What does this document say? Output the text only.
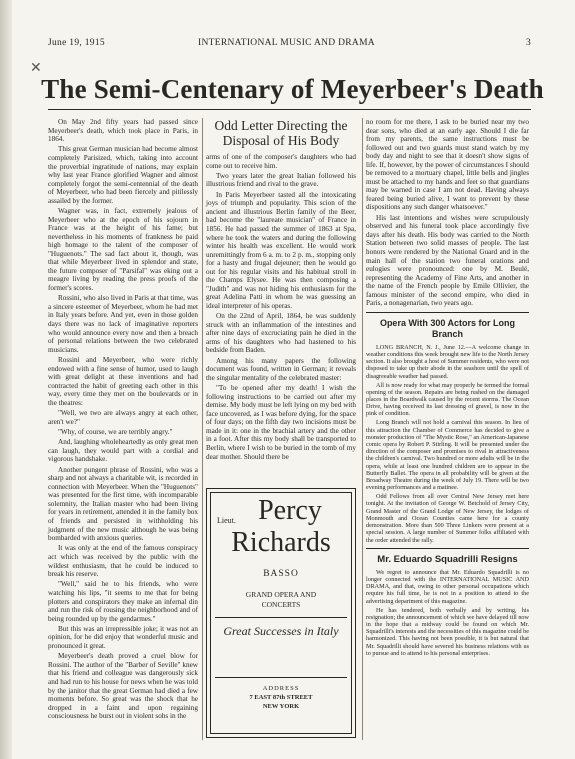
June 19, 1915	INTERNATIONAL MUSIC AND DRAMA	3
✕
The Semi-Centenary of Meyerbeer's Death

On May 2nd fifty years had passed since Meyerbeer's death, which took place in Paris, in 1864.

This great German musician had become almost completely Parisized, which, taking into account the proverbial ingratitude of nations, may explain why last year France glorified Wagner and almost completely forgot the semi-centennial of the death of Meyerbeer, who had been fiercely and pitilessly assailed by the former.

Wagner was, in fact, extremely jealous of Meyerbeer who at the epoch of his sojourn in France was at the height of his fame; but nevertheless in his moments of frankness he paid high homage to the talent of the composer of "Huguenots." The sad fact about it, though, was that while Meyerbeer lived in splendor and state, the future composer of "Parsifal" was eking out a meagre living by reading the press proofs of the former's scores.

Rossini, who also lived in Paris at that time, was a sincere esteemer of Meyerbeer, whom he had met in Italy years before. And yet, even in those golden days there was no lack of imaginative reporters who would announce every now and then a breach of personal relations between the two celebrated musicians.

Rossini and Meyerbeer, who were richly endowed with a fine sense of humor, used to laugh with great delight at these inventions and had contracted the habit of greeting each other in this way, every time they met on the boulevards or in the theatres:

"Well, we two are always angry at each other, aren't we?"

"Why, of course, we are terribly angry."

And, laughing wholeheartedly as only great men can laugh, they would part with a cordial and vigorous handshake.

Another pungent phrase of Rossini, who was a sharp and not always a charitable wit, is recorded in connection with Meyerbeer. When the "Huguenots" was presented for the first time, with incomparable solemnity, the Italian master who had been living for years in retirement, attended it in the family box of friends and persisted in withholding his judgment of the new music although he was being bombarded with anxious queries.

It was only at the end of the famous conspiracy act which was received by the public with the wildest enthusiasm, that he could be induced to break his reserve.

"Well," said he to his friends, who were watching his lips, "it seems to me that for being plotters and conspirators they make an infernal din and run the risk of rousing the neighborhood and of being rounded up by the gendarmes."

But this was an irrepressible joke; it was not an opinion, for he did enjoy that wonderful music and pronounced it great.

Meyerbeer's death proved a cruel blow for Rossini. The author of the "Barber of Seville" knew that his friend and colleague was dangerously sick and had run to his house for news when he was told by the janitor that the great German had died a few moments before. So great was the shock that he dropped in a faint and upon regaining consciousness he burst out in violent sobs in the

Odd Letter Directing the Disposal of His Body

arms of one of the composer's daughters who had come out to receive him.

Two years later the great Italian followed his illustrious friend and rival to the grave.

In Paris Meyerbeer tasted all the intoxicating joys of triumph and popularity. This scion of the ancient and illustrious Berlin family of the Beer, had become the "laureate musician" of France in 1856. He had passed the summer of 1863 at Spa, where he took the waters and during the following winter his health was excellent. He would work unremittingly from 6 a. m. to 2 p. m., stopping only for a hasty and frugal dejeuner; then he would go out for his regular visits and his habitual stroll in the Champs Elysee. He was then composing a "Judith" and was not hiding his enthusiasm for the great Adelina Patti in whom he was guessing an ideal interpreter of his operas.

On the 22nd of April, 1864, he was suddenly struck with an inflammation of the intestines and after nine days of excruciating pain he died in the arms of his daughters who had hastened to his bedside from Baden.

Among his many papers the following document was found, written in German; it reveals the singular mentality of the celebrated master:

"To be opened after my death! I wish the following instructions to be carried out after my demise. My body must be left lying on my bed with face uncovered, as I was before dying, for the space of four days; on the fifth day two incisions must be made in it: one in the brachial artery and the other in a foot. After this my body shall be transported to Berlin, where I wish to be buried in the tomb of my dear mother. Should there be

Lieut. Percy
Richards
BASSO
GRAND OPERA AND
CONCERTS
Great Successes in Italy
ADDRESS
7 EAST 87th STREET
NEW YORK

no room for me there, I ask to be buried near my two dear sons, who died at an early age. Should I die far from my parents, the same instructions must be followed out and two guards must stand watch by my body day and night to see that it doesn't show signs of life. If, however, by the power of circumstances I should be removed to a mortuary chapel, little bells and jingles must be attached to my hands and feet so that guardians may be warned in case I am not dead. Having always feared being buried alive, I want to prevent by these dispositions any such danger whatsoever."

His last intentions and wishes were scrupulously observed and his funeral took place accordingly five days after his death. His body was carried to the North Station between two solid masses of people. The last honors were rendered by the National Guard and in the main hall of the station two funeral orations and eulogies were pronounced: one by M. Beulé, representing the Academy of Fine Arts, and another in the name of the French people by Emile Ollivier, the famous minister of the second empire, who died in Paris, a nonagenarian, two years ago.

Opera With 300 Actors for Long Branch

LONG BRANCH, N. J., June 12.—A welcome change in weather conditions this week brought new life to the North Jersey section. It also brought a host of Summer residents, who were not disposed to take up their abode in the seashore until the spell of disagreeable weather had passed.

All is now ready for what may properly be termed the formal opening of the season. Repairs are being rushed on the damaged places in the Boardwalk caused by the recent storms. The Ocean Drive, having received its last dressing of gravel, is now in the pink of condition.

Long Branch will not hold a carnival this season. In lieu of this attraction the Chamber of Commerce has decided to give a monster production of "The Mystic Rose," an American-Japanese comic opera by Robert P. Stirling. It will be presented under the direction of the composer and promises to rival in attractiveness the children's carnival. Two hundred or more adults will be in the opera, while at least one hundred children are to appear in the Butterfly Ballet. The opera in all probability will be given at the Broadway Theatre during the week of July 19. There will be two evening performances and a matinee.

Odd Fellows from all over Central New Jersey met here tonight. At the invitation of George W. Betchold of Jersey City, Grand Master of the Grand Lodge of New Jersey, the lodges of Monmouth and Ocean Counties came here for a county demonstration. More than 500 Three Linkers were present at a special session. A large number of Summer folks affiliated with the order attended the rally.

Mr. Eduardo Squadrilli Resigns

We regret to announce that Mr. Eduardo Squadrilli is no longer connected with the INTERNATIONAL MUSIC AND DRAMA, and that, owing to other personal occupations which require his full time, he is not in a position to attend to the advertising department of this magazine.

He has tendered, both verbally and by writing, his resignation; the announcement of which we have delayed till now in the hope that a midway could be found on which Mr. Squadrilli's interests and the necessities of this magazine could be harmonized. This having not been possible, it is but natural that Mr. Squadrilli should have severed his business relations with us to pursue and to attend to his personal enterprises.
